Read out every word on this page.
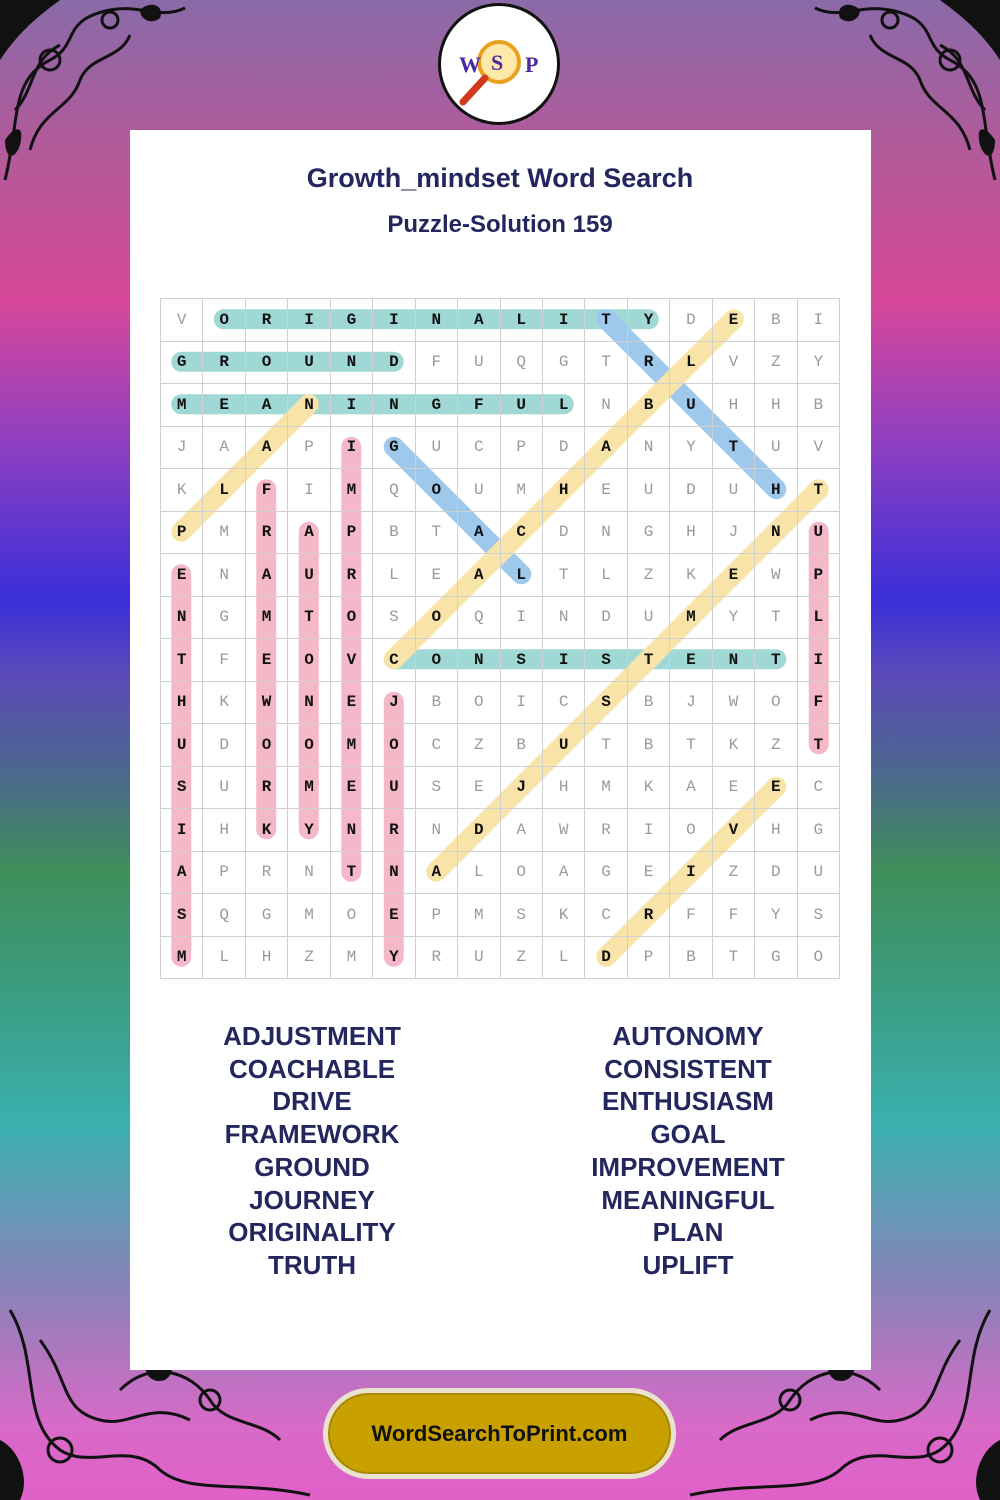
W S P
Growth_mindset Word Search
Puzzle-Solution 159
V	O	R	I	G	I	N	A	L	I	T	Y	D	E	B	I
G	R	O	U	N	D	F	U	Q	G	T	R	L	V	Z	Y
M	E	A	N	I	N	G	F	U	L	N	B	U	H	H	B
J	A	A	P	I	G	U	C	P	D	A	N	Y	T	U	V
K	L	F	I	M	Q	O	U	M	H	E	U	D	U	H	T
P	M	R	A	P	B	T	A	C	D	N	G	H	J	N	U
E	N	A	U	R	L	E	A	L	T	L	Z	K	E	W	P
N	G	M	T	O	S	O	Q	I	N	D	U	M	Y	T	L
T	F	E	O	V	C	O	N	S	I	S	T	E	N	T	I
H	K	W	N	E	J	B	O	I	C	S	B	J	W	O	F
U	D	O	O	M	O	C	Z	B	U	T	B	T	K	Z	T
S	U	R	M	E	U	S	E	J	H	M	K	A	E	E	C
I	H	K	Y	N	R	N	D	A	W	R	I	O	V	H	G
A	P	R	N	T	N	A	L	O	A	G	E	I	Z	D	U
S	Q	G	M	O	E	P	M	S	K	C	R	F	F	Y	S
M	L	H	Z	M	Y	R	U	Z	L	D	P	B	T	G	O
ADJUSTMENT
COACHABLE
DRIVE
FRAMEWORK
GROUND
JOURNEY
ORIGINALITY
TRUTH
AUTONOMY
CONSISTENT
ENTHUSIASM
GOAL
IMPROVEMENT
MEANINGFUL
PLAN
UPLIFT
WordSearchToPrint.com
